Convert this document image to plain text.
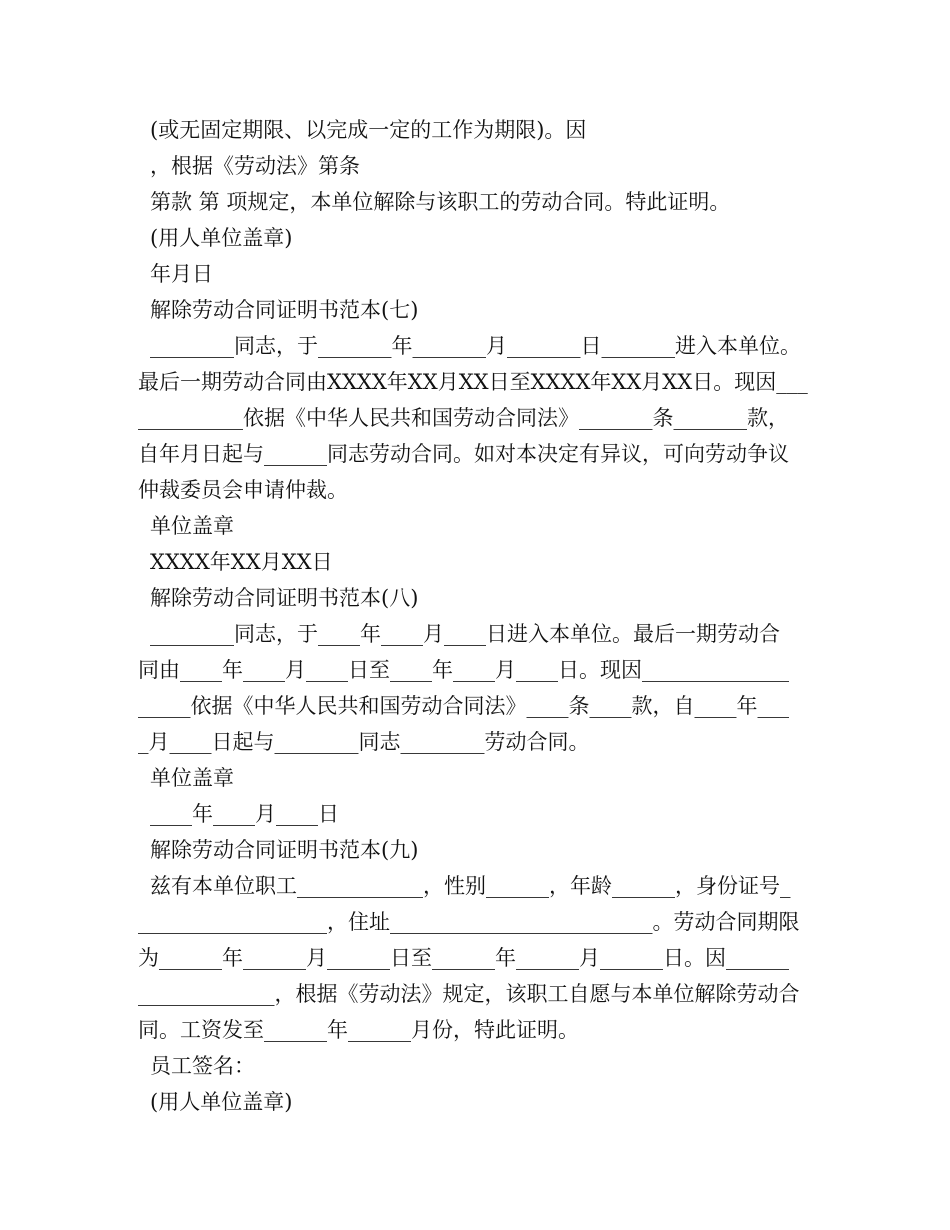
(或无固定期限、以完成一定的工作为期限)。因
，根据《劳动法》第条
第款 第 项规定，本单位解除与该职工的劳动合同。特此证明。
(用人单位盖章)
年月日
解除劳动合同证明书范本(七)
________同志，于_______年_______月_______日_______进入本单位。
最后一期劳动合同由XXXX年XX月XX日至XXXX年XX月XX日。现因___
__________依据《中华人民共和国劳动合同法》_______条_______款，
自年月日起与______同志劳动合同。如对本决定有异议，可向劳动争议
仲裁委员会申请仲裁。
单位盖章
XXXX年XX月XX日
解除劳动合同证明书范本(八)
________同志，于____年____月____日进入本单位。最后一期劳动合
同由____年____月____日至____年____月____日。现因______________
_____依据《中华人民共和国劳动合同法》____条____款，自____年___
_月____日起与________同志________劳动合同。
单位盖章
____年____月____日
解除劳动合同证明书范本(九)
兹有本单位职工____________，性别______，年龄______，身份证号_
__________________，住址_________________________。劳动合同期限
为______年______月______日至______年______月______日。因______
_____________，根据《劳动法》规定，该职工自愿与本单位解除劳动合
同。工资发至______年______月份，特此证明。
员工签名：
(用人单位盖章)
